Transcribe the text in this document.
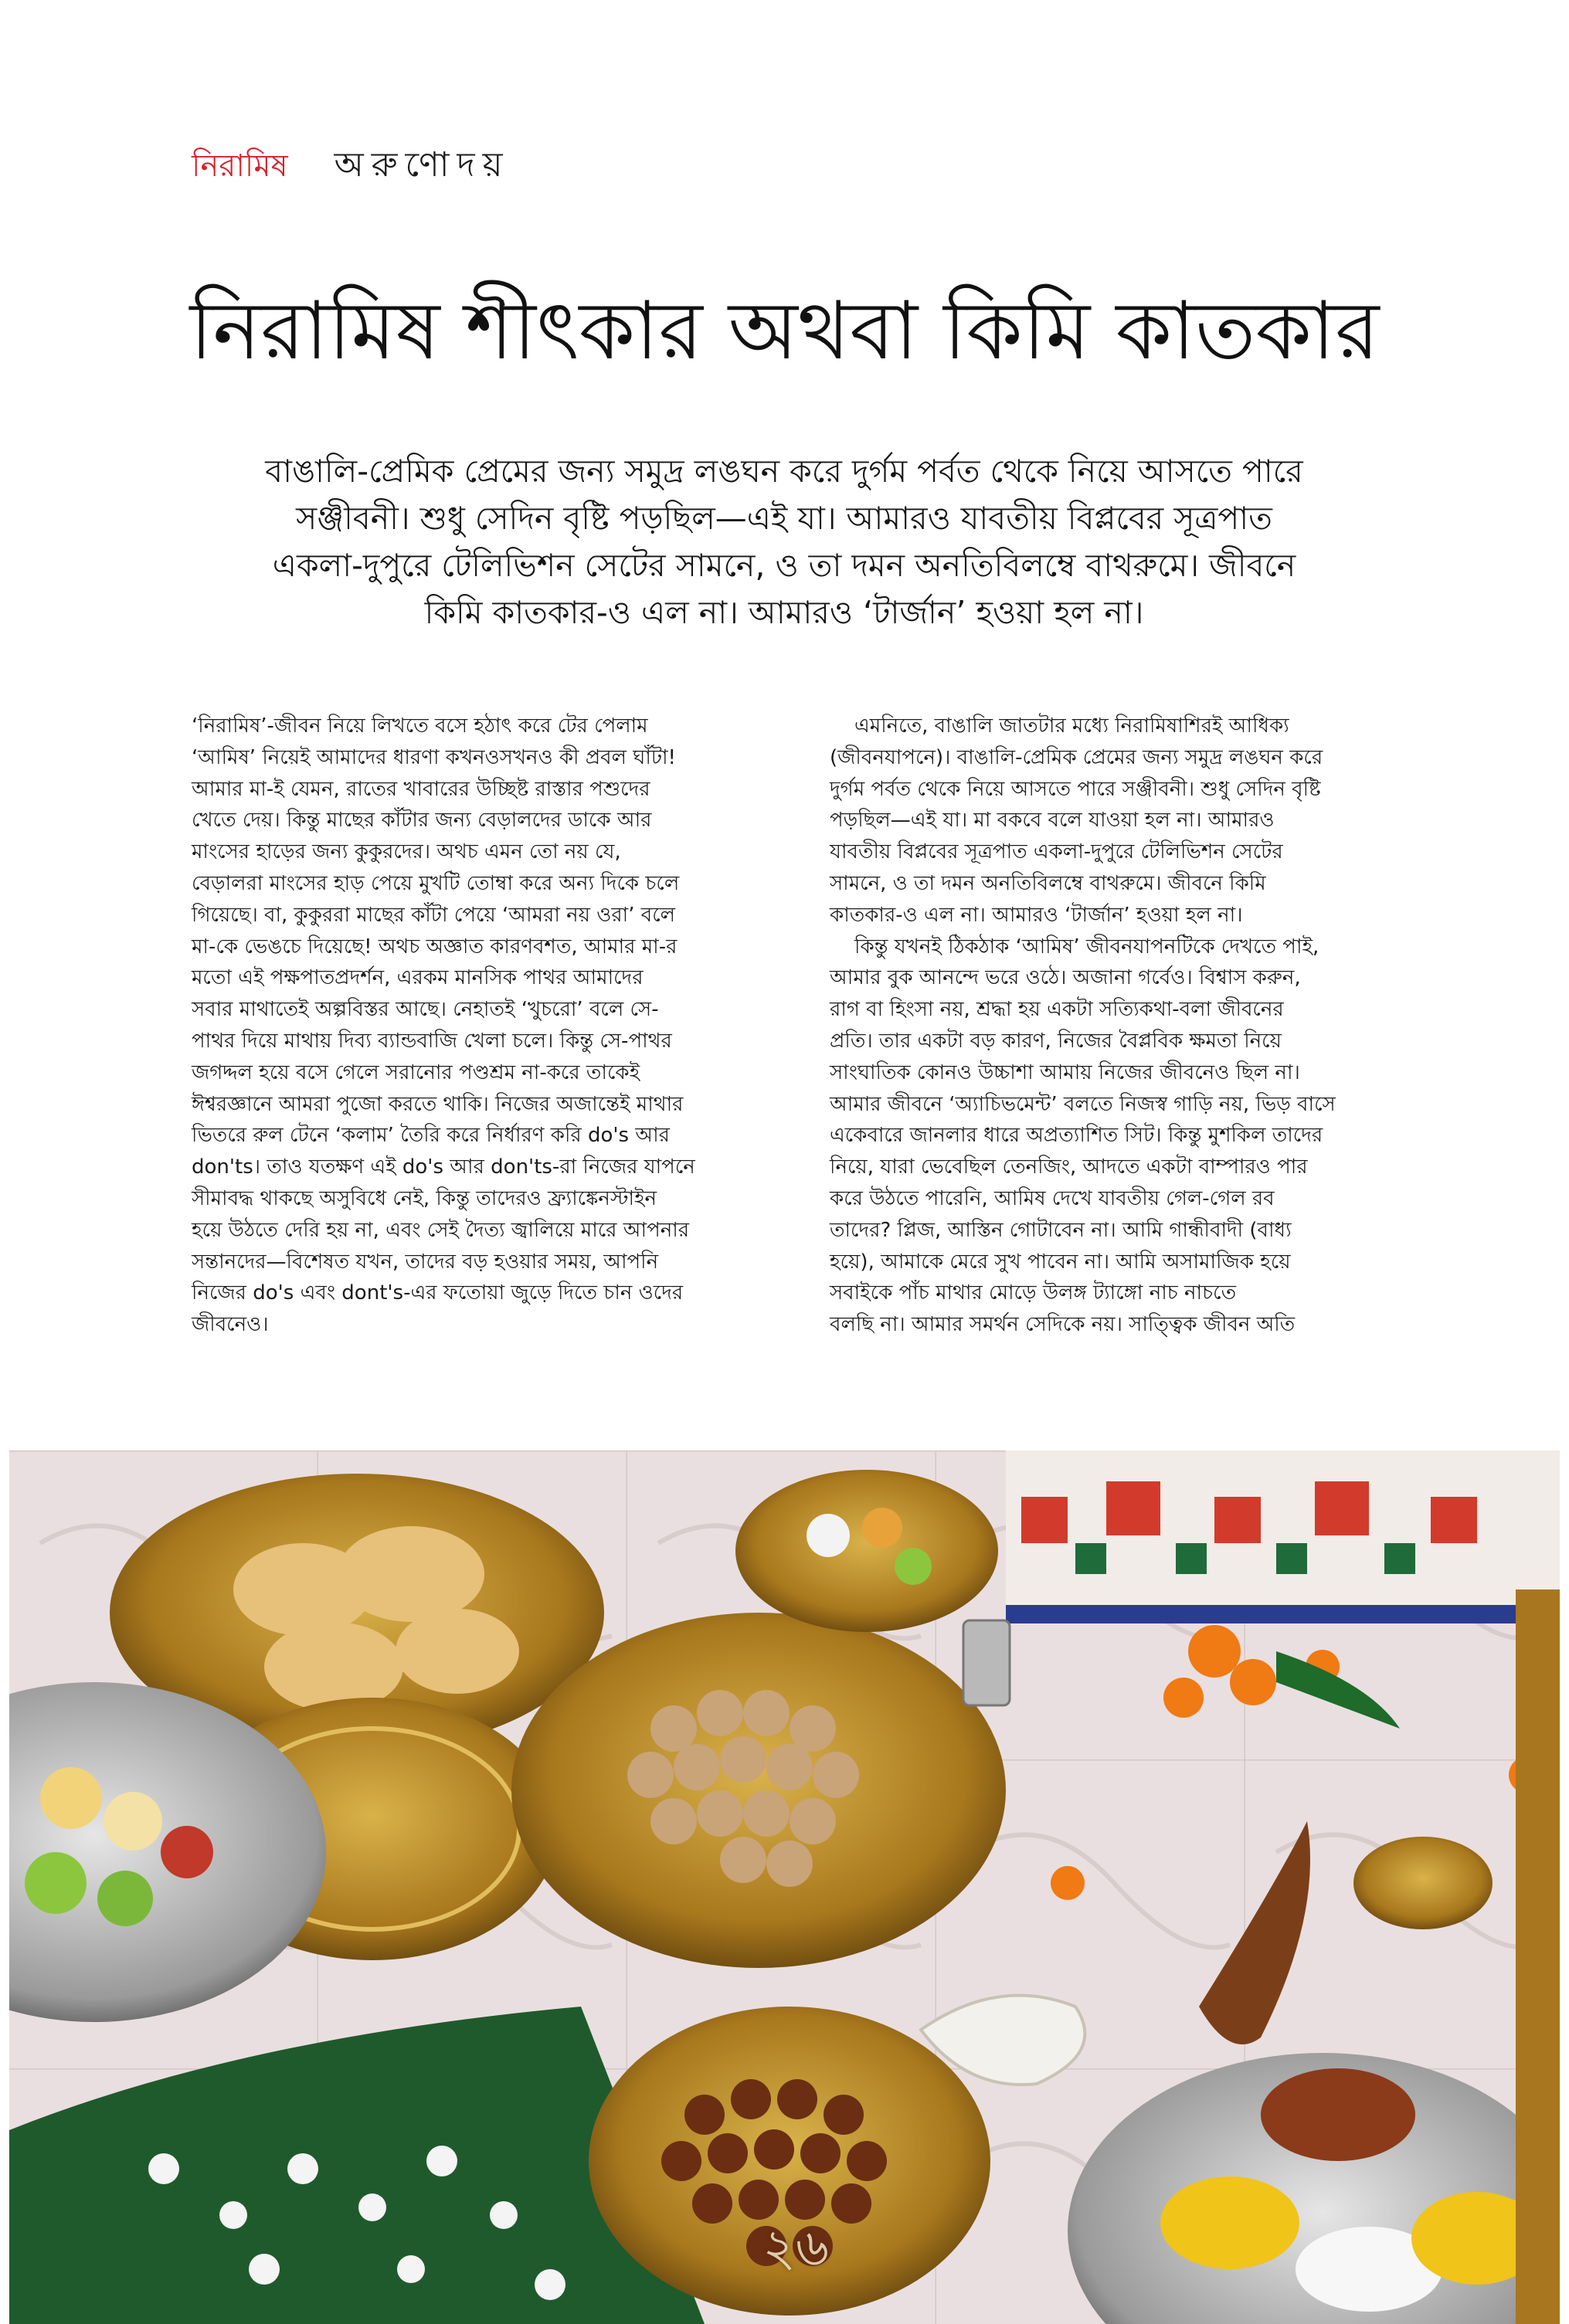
নিরামিষ অরুণোদয়
নিরামিষ শীৎকার অথবা কিমি কাতকার

বাঙালি-প্রেমিক প্রেমের জন্য সমুদ্র লঙঘন করে দুর্গম পর্বত থেকে নিয়ে আসতে পারে

সঞ্জীবনী। শুধু সেদিন বৃষ্টি পড়ছিল—এই যা। আমারও যাবতীয় বিপ্লবের সূত্রপাত

একলা-দুপুরে টেলিভিশন সেটের সামনে, ও তা দমন অনতিবিলম্বে বাথরুমে। জীবনে

কিমি কাতকার-ও এল না। আমারও ‘টার্জান’ হওয়া হল না।

‘নিরামিষ’-জীবন নিয়ে লিখতে বসে হঠাৎ করে টের পেলাম
‘আমিষ’ নিয়েই আমাদের ধারণা কখনওসখনও কী প্রবল ঘাঁটা!
আমার মা-ই যেমন, রাতের খাবারের উচ্ছিষ্ট রাস্তার পশুদের
খেতে দেয়। কিন্তু মাছের কাঁটার জন্য বেড়ালদের ডাকে আর
মাংসের হাড়ের জন্য কুকুরদের। অথচ এমন তো নয় যে,
বেড়ালরা মাংসের হাড় পেয়ে মুখটি তোম্বা করে অন্য দিকে চলে
গিয়েছে। বা, কুকুররা মাছের কাঁটা পেয়ে ‘আমরা নয় ওরা’ বলে
মা-কে ভেঙচে দিয়েছে! অথচ অজ্ঞাত কারণবশত, আমার মা-র
মতো এই পক্ষপাতপ্রদর্শন, এরকম মানসিক পাথর আমাদের
সবার মাথাতেই অল্পবিস্তর আছে। নেহাতই ‘খুচরো’ বলে সে-
পাথর দিয়ে মাথায় দিব্য ব্যান্ডবাজি খেলা চলে। কিন্তু সে-পাথর
জগদ্দল হয়ে বসে গেলে সরানোর পণ্ডশ্রম না-করে তাকেই
ঈশ্বরজ্ঞানে আমরা পুজো করতে থাকি। নিজের অজান্তেই মাথার
ভিতরে রুল টেনে ‘কলাম’ তৈরি করে নির্ধারণ করি do's আর
don'ts। তাও যতক্ষণ এই do's আর don'ts-রা নিজের যাপনে
সীমাবদ্ধ থাকছে অসুবিধে নেই, কিন্তু তাদেরও ফ্র্যাঙ্কেনস্টাইন
হয়ে উঠতে দেরি হয় না, এবং সেই দৈত্য জ্বালিয়ে মারে আপনার
সন্তানদের—বিশেষত যখন, তাদের বড় হওয়ার সময়, আপনি
নিজের do's এবং dont's-এর ফতোয়া জুড়ে দিতে চান ওদের
জীবনেও।
এমনিতে, বাঙালি জাতটার মধ্যে নিরামিষাশিরই আধিক্য
(জীবনযাপনে)। বাঙালি-প্রেমিক প্রেমের জন্য সমুদ্র লঙঘন করে
দুর্গম পর্বত থেকে নিয়ে আসতে পারে সঞ্জীবনী। শুধু সেদিন বৃষ্টি
পড়ছিল—এই যা। মা বকবে বলে যাওয়া হল না। আমারও
যাবতীয় বিপ্লবের সূত্রপাত একলা-দুপুরে টেলিভিশন সেটের
সামনে, ও তা দমন অনতিবিলম্বে বাথরুমে। জীবনে কিমি
কাতকার-ও এল না। আমারও ‘টার্জান’ হওয়া হল না।
কিন্তু যখনই ঠিকঠাক ‘আমিষ’ জীবনযাপনটিকে দেখতে পাই,
আমার বুক আনন্দে ভরে ওঠে। অজানা গর্বেও। বিশ্বাস করুন,
রাগ বা হিংসা নয়, শ্রদ্ধা হয় একটা সত্যিকথা-বলা জীবনের
প্রতি। তার একটা বড় কারণ, নিজের বৈপ্লবিক ক্ষমতা নিয়ে
সাংঘাতিক কোনও উচ্চাশা আমায় নিজের জীবনেও ছিল না।
আমার জীবনে ‘অ্যাচিভমেন্ট’ বলতে নিজস্ব গাড়ি নয়, ভিড় বাসে
একেবারে জানলার ধারে অপ্রত্যাশিত সিট। কিন্তু মুশকিল তাদের
নিয়ে, যারা ভেবেছিল তেনজিং, আদতে একটা বাম্পারও পার
করে উঠতে পারেনি, আমিষ দেখে যাবতীয় গেল-গেল রব
তাদের? প্লিজ, আস্তিন গোটাবেন না। আমি গান্ধীবাদী (বাধ্য
হয়ে), আমাকে মেরে সুখ পাবেন না। আমি অসামাজিক হয়ে
সবাইকে পাঁচ মাথার মোড়ে উলঙ্গ ট্যাঙ্গো নাচ নাচতে
বলছি না। আমার সমর্থন সেদিকে নয়। সাত্ত্বিক জীবন অতি
২৬
